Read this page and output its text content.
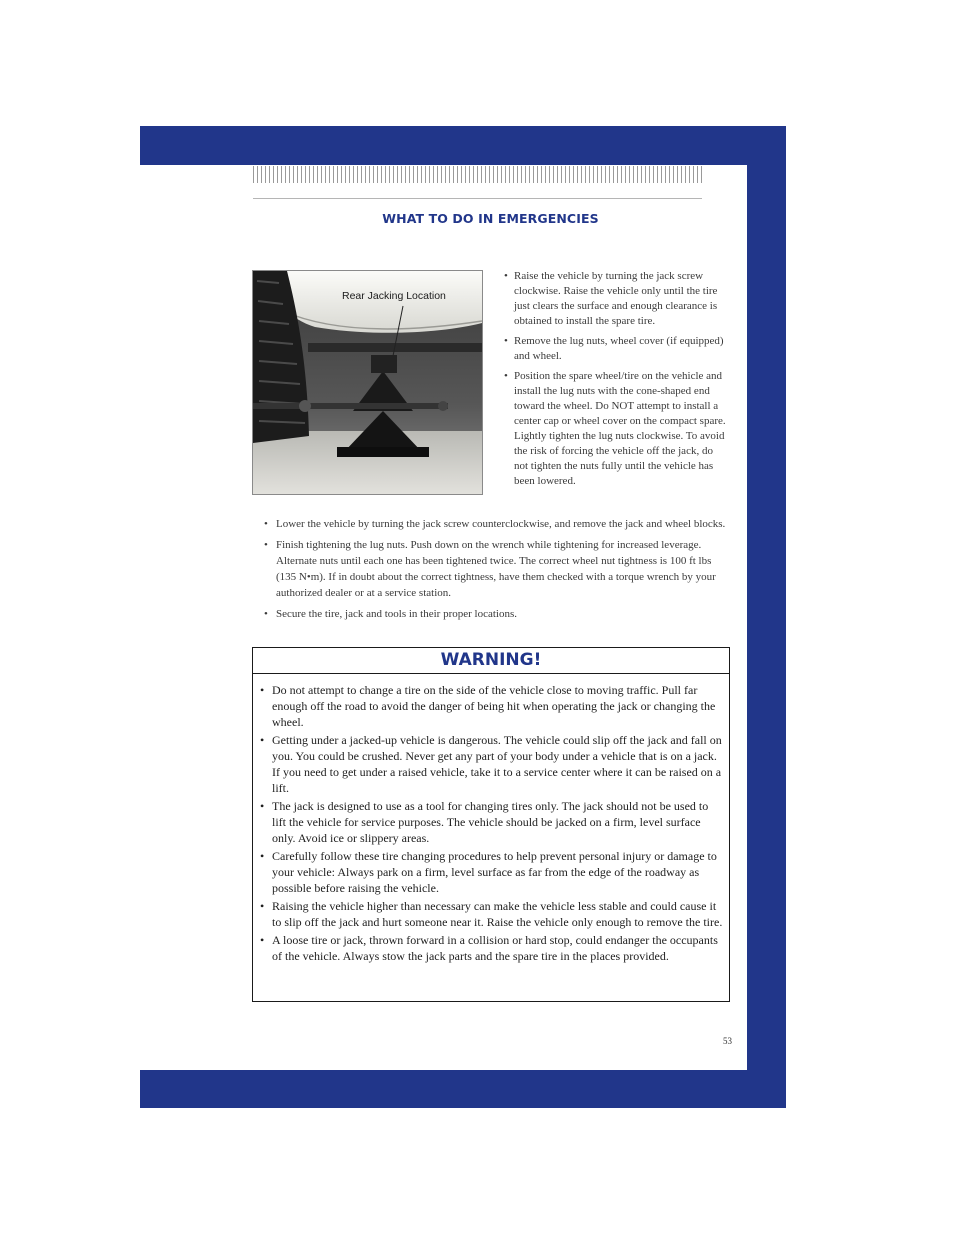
WHAT TO DO IN EMERGENCIES
Rear Jacking Location
• Raise the vehicle by turning the jack screw clockwise. Raise the vehicle only until the tire just clears the surface and enough clearance is obtained to install the spare tire.
• Remove the lug nuts, wheel cover (if equipped) and wheel.
• Position the spare wheel/tire on the vehicle and install the lug nuts with the cone-shaped end toward the wheel. Do NOT attempt to install a center cap or wheel cover on the compact spare. Lightly tighten the lug nuts clockwise. To avoid the risk of forcing the vehicle off the jack, do not tighten the nuts fully until the vehicle has been lowered.
• Lower the vehicle by turning the jack screw counterclockwise, and remove the jack and wheel blocks.
• Finish tightening the lug nuts. Push down on the wrench while tightening for increased leverage. Alternate nuts until each one has been tightened twice. The correct wheel nut tightness is 100 ft lbs (135 N•m). If in doubt about the correct tightness, have them checked with a torque wrench by your authorized dealer or at a service station.
• Secure the tire, jack and tools in their proper locations.
WARNING!
• Do not attempt to change a tire on the side of the vehicle close to moving traffic. Pull far enough off the road to avoid the danger of being hit when operating the jack or changing the wheel.
• Getting under a jacked-up vehicle is dangerous. The vehicle could slip off the jack and fall on you. You could be crushed. Never get any part of your body under a vehicle that is on a jack. If you need to get under a raised vehicle, take it to a service center where it can be raised on a lift.
• The jack is designed to use as a tool for changing tires only. The jack should not be used to lift the vehicle for service purposes. The vehicle should be jacked on a firm, level surface only. Avoid ice or slippery areas.
• Carefully follow these tire changing procedures to help prevent personal injury or damage to your vehicle: Always park on a firm, level surface as far from the edge of the roadway as possible before raising the vehicle.
• Raising the vehicle higher than necessary can make the vehicle less stable and could cause it to slip off the jack and hurt someone near it. Raise the vehicle only enough to remove the tire.
• A loose tire or jack, thrown forward in a collision or hard stop, could endanger the occupants of the vehicle. Always stow the jack parts and the spare tire in the places provided.
53
